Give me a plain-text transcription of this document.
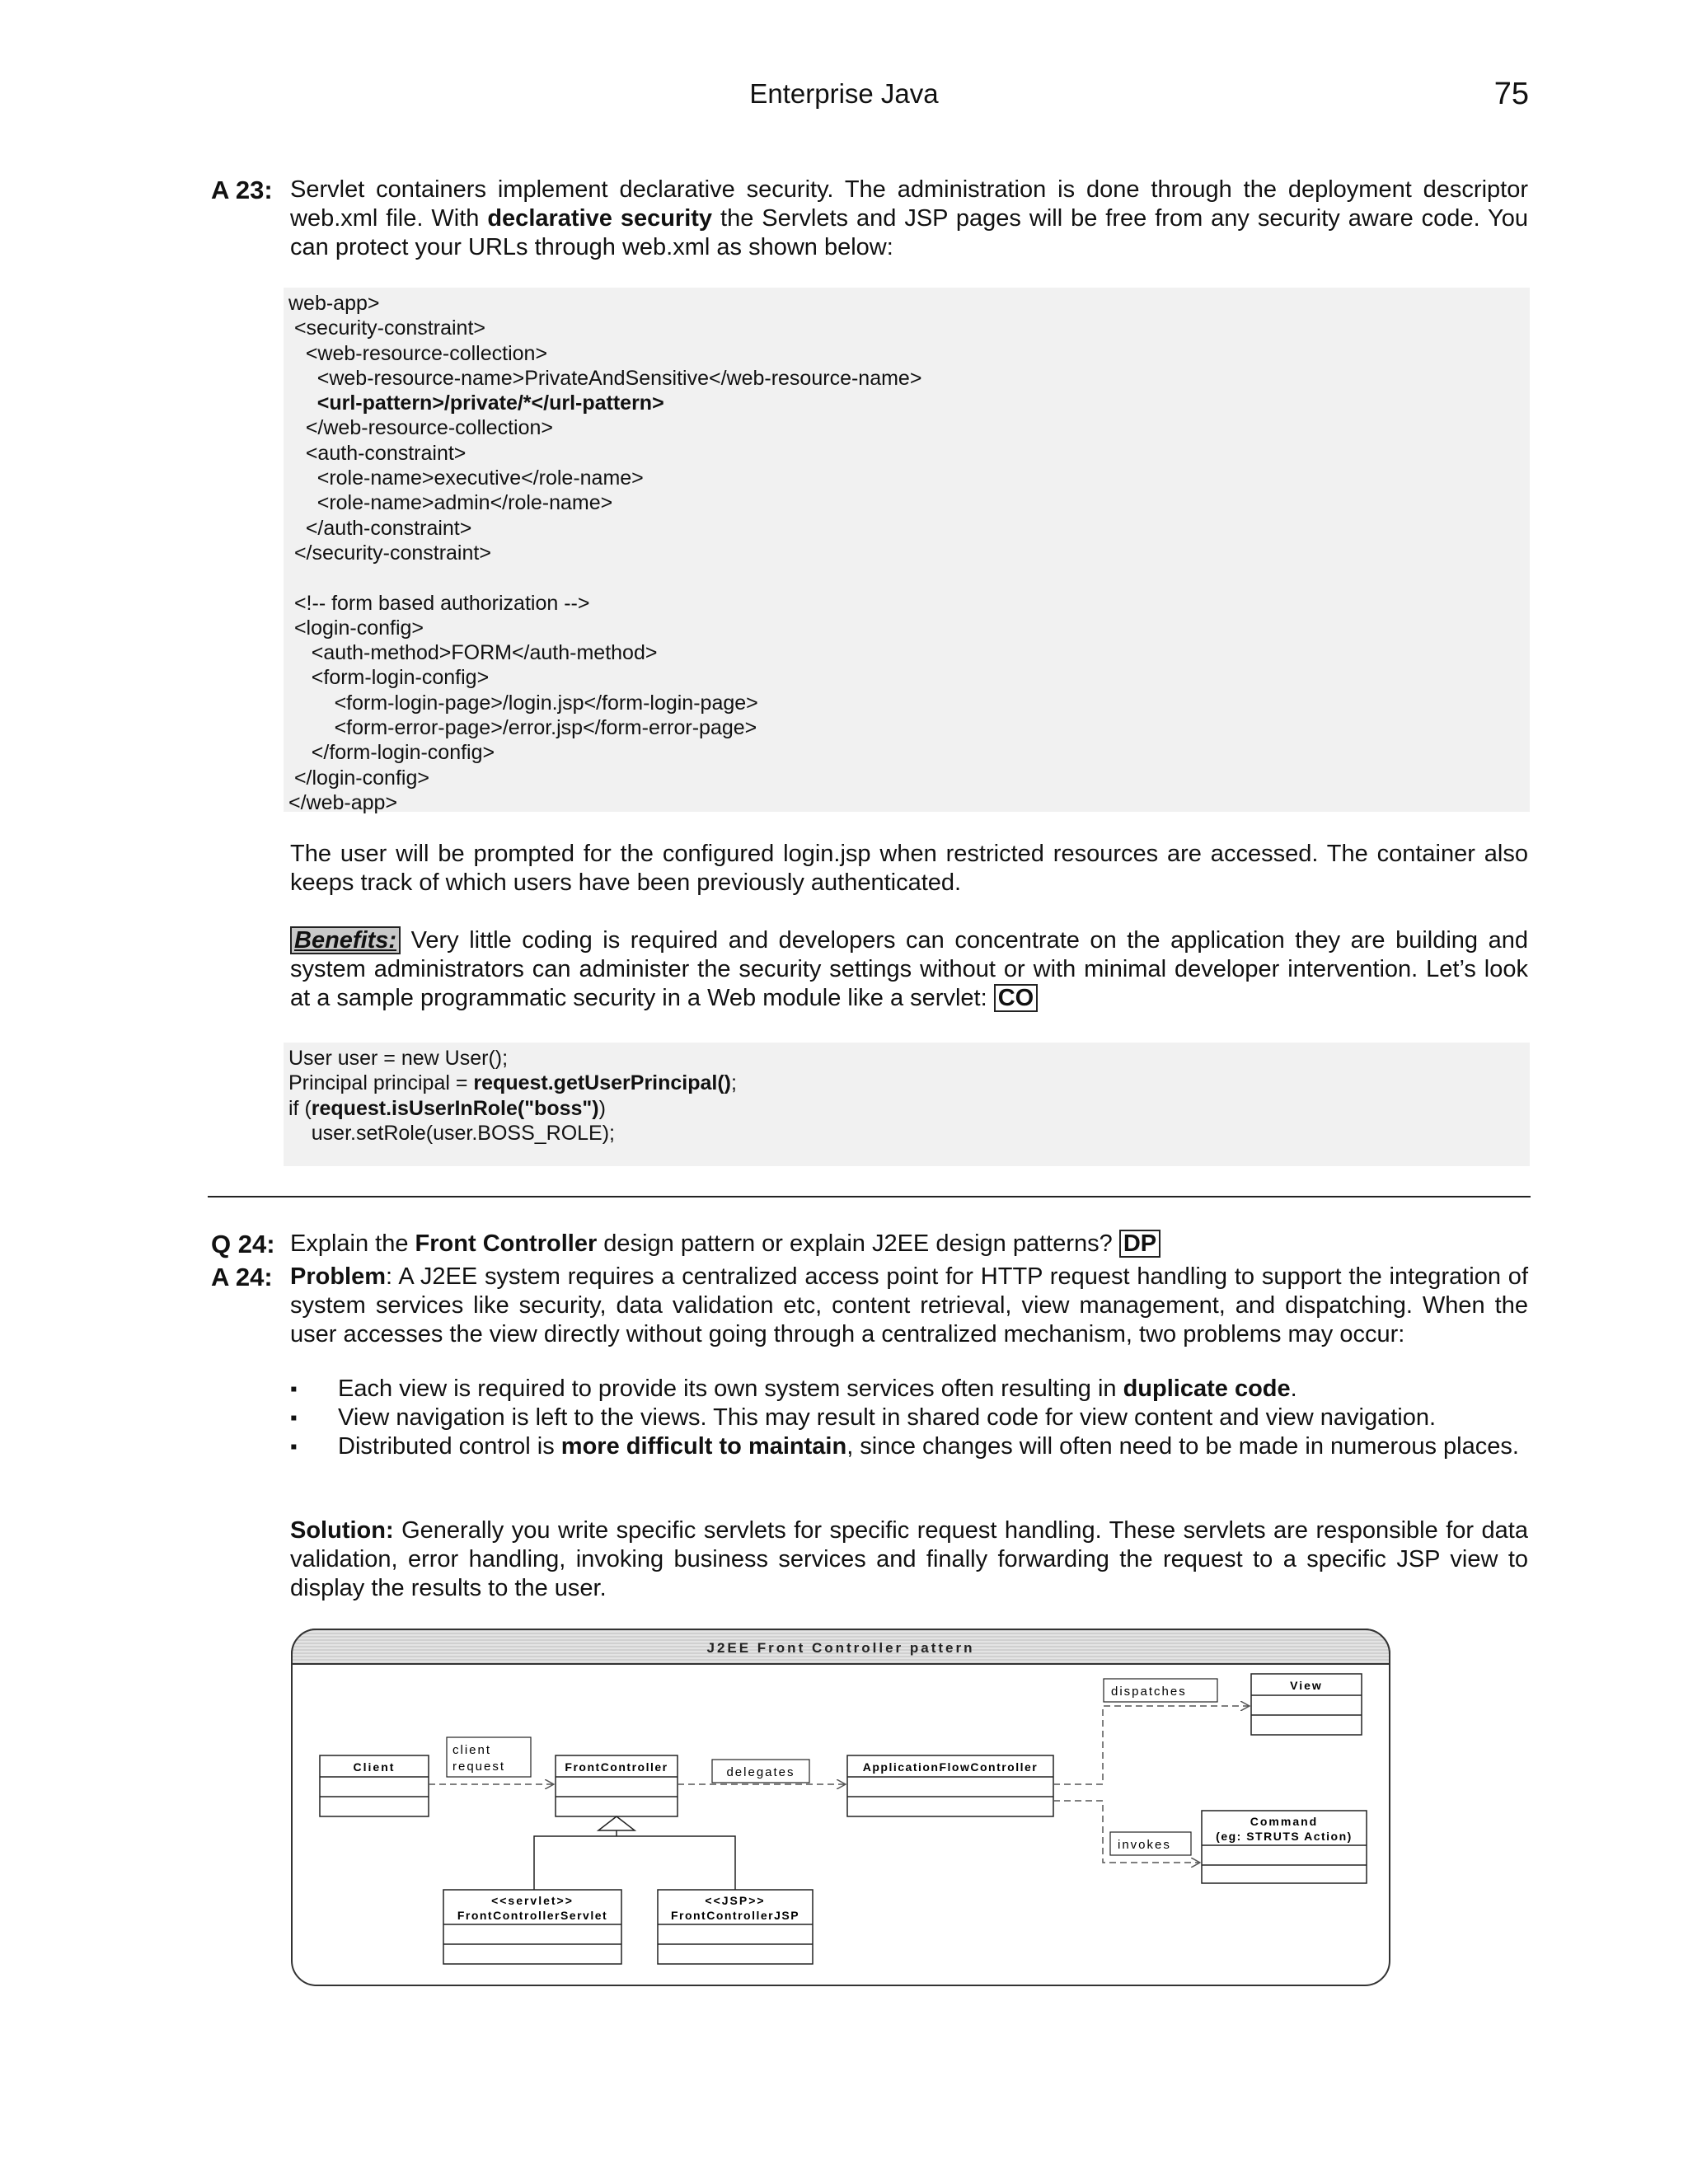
Enterprise Java	75
A 23: Servlet containers implement declarative security. The administration is done through the deployment descriptor web.xml file. With declarative security the Servlets and JSP pages will be free from any security aware code. You can protect your URLs through web.xml as shown below:
web-app>
<security-constraint>
<web-resource-collection>
<web-resource-name>PrivateAndSensitive</web-resource-name>
<url-pattern>/private/*</url-pattern>
</web-resource-collection>
<auth-constraint>
<role-name>executive</role-name>
<role-name>admin</role-name>
</auth-constraint>
</security-constraint>
<!-- form based authorization -->
<login-config>
<auth-method>FORM</auth-method>
<form-login-config>
<form-login-page>/login.jsp</form-login-page>
<form-error-page>/error.jsp</form-error-page>
</form-login-config>
</login-config>
</web-app>
The user will be prompted for the configured login.jsp when restricted resources are accessed. The container also keeps track of which users have been previously authenticated.
Benefits: Very little coding is required and developers can concentrate on the application they are building and system administrators can administer the security settings without or with minimal developer intervention. Let’s look at a sample programmatic security in a Web module like a servlet: CO
User user = new User();
Principal principal = request.getUserPrincipal();
if (request.isUserInRole("boss"))
user.setRole(user.BOSS_ROLE);
Q 24: Explain the Front Controller design pattern or explain J2EE design patterns? DP
A 24: Problem: A J2EE system requires a centralized access point for HTTP request handling to support the integration of system services like security, data validation etc, content retrieval, view management, and dispatching. When the user accesses the view directly without going through a centralized mechanism, two problems may occur:
▪ Each view is required to provide its own system services often resulting in duplicate code.
▪ View navigation is left to the views. This may result in shared code for view content and view navigation.
▪ Distributed control is more difficult to maintain, since changes will often need to be made in numerous places.
Solution: Generally you write specific servlets for specific request handling. These servlets are responsible for data validation, error handling, invoking business services and finally forwarding the request to a specific JSP view to display the results to the user.
J2EE Front Controller pattern
Client
client
request	FrontController	delegates	ApplicationFlowController
dispatches
invokes
View
Command
(eg: STRUTS Action)
<<servlet>>
FrontControllerServlet
<<JSP>>
FrontControllerJSP
